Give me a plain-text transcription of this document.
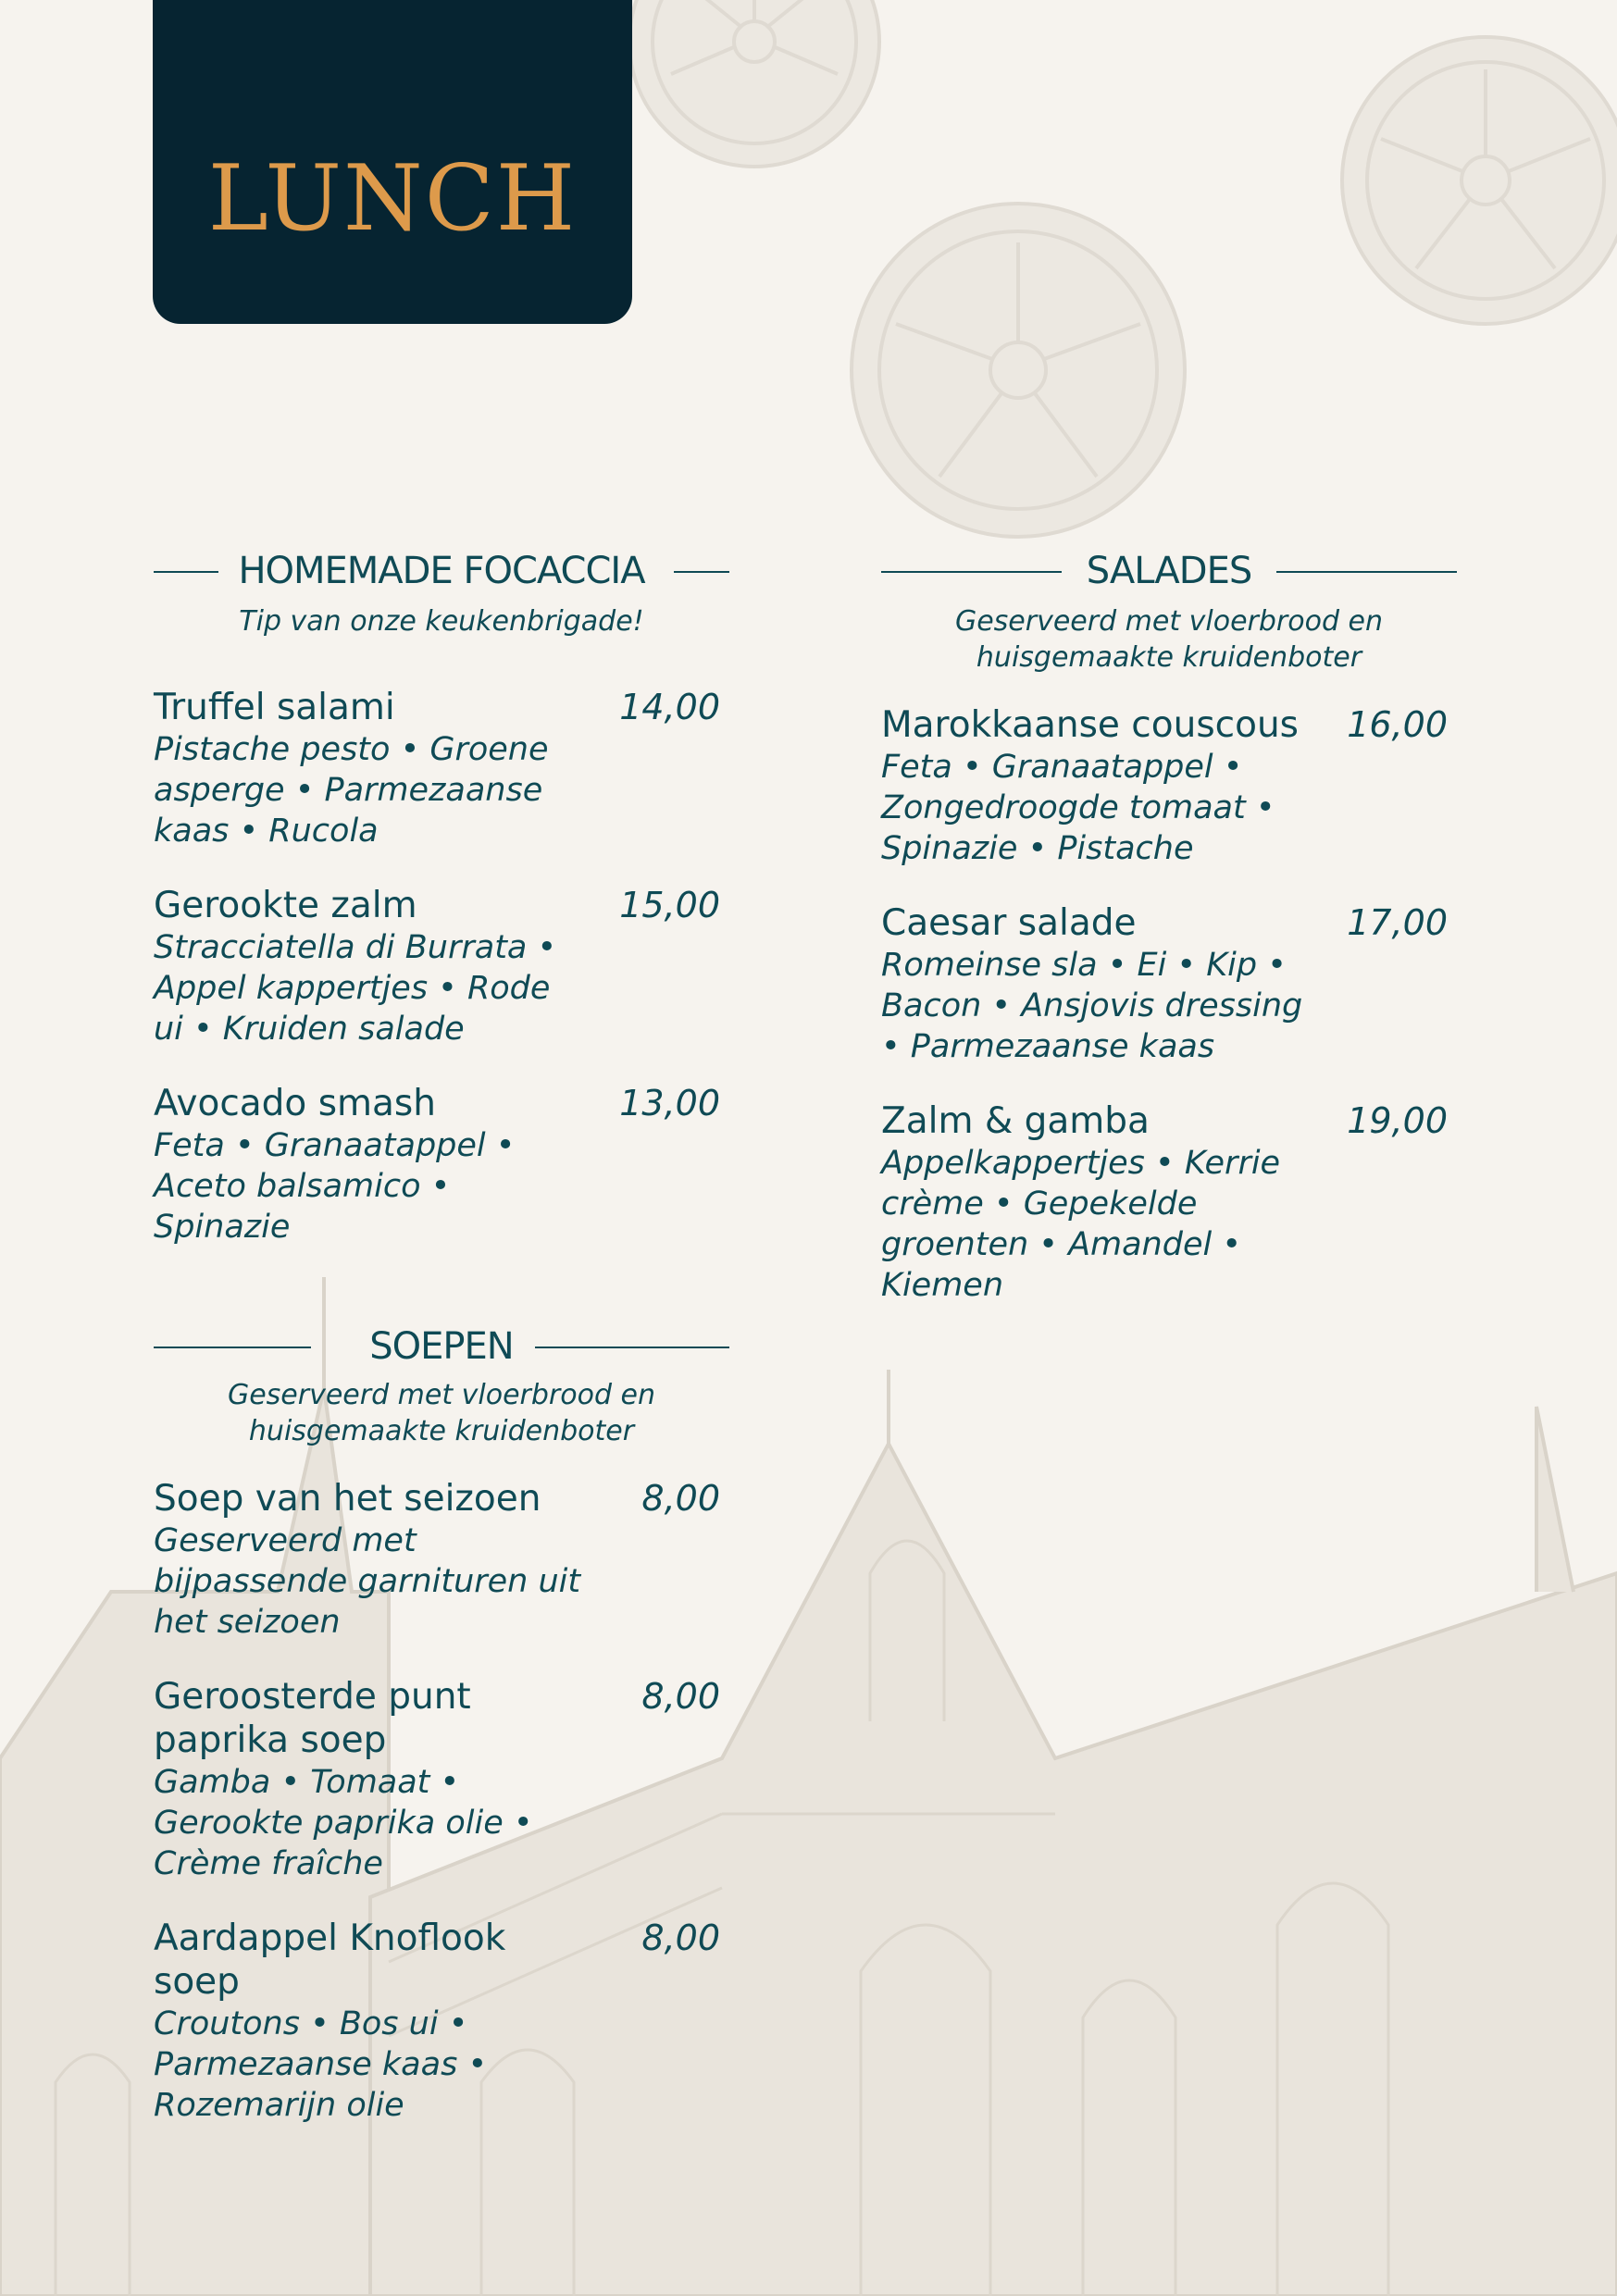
LUNCH
HOMEMADE FOCACCIA
Tip van onze keukenbrigade!
Truffel salami	14,00
Pistache pesto • Groene asperge • Parmezaanse kaas • Rucola
Gerookte zalm	15,00
Stracciatella di Burrata • Appel kappertjes • Rode ui • Kruiden salade
Avocado smash	13,00
Feta • Granaatappel • Aceto balsamico • Spinazie
SOEPEN
Geserveerd met vloerbrood en huisgemaakte kruidenboter
Soep van het seizoen	8,00
Geserveerd met bijpassende garnituren uit het seizoen
Geroosterde punt paprika soep
8,00
Gamba • Tomaat • Gerookte paprika olie • Crème fraîche
Aardappel Knoflook soep
8,00
Croutons • Bos ui • Parmezaanse kaas • Rozemarijn olie
SALADES
Geserveerd met vloerbrood en huisgemaakte kruidenboter
Marokkaanse couscous	16,00
Feta • Granaatappel • Zongedroogde tomaat • Spinazie • Pistache
Caesar salade	17,00
Romeinse sla • Ei • Kip • Bacon • Ansjovis dressing • Parmezaanse kaas
Zalm & gamba	19,00
Appelkappertjes • Kerrie crème • Gepekelde groenten • Amandel • Kiemen
